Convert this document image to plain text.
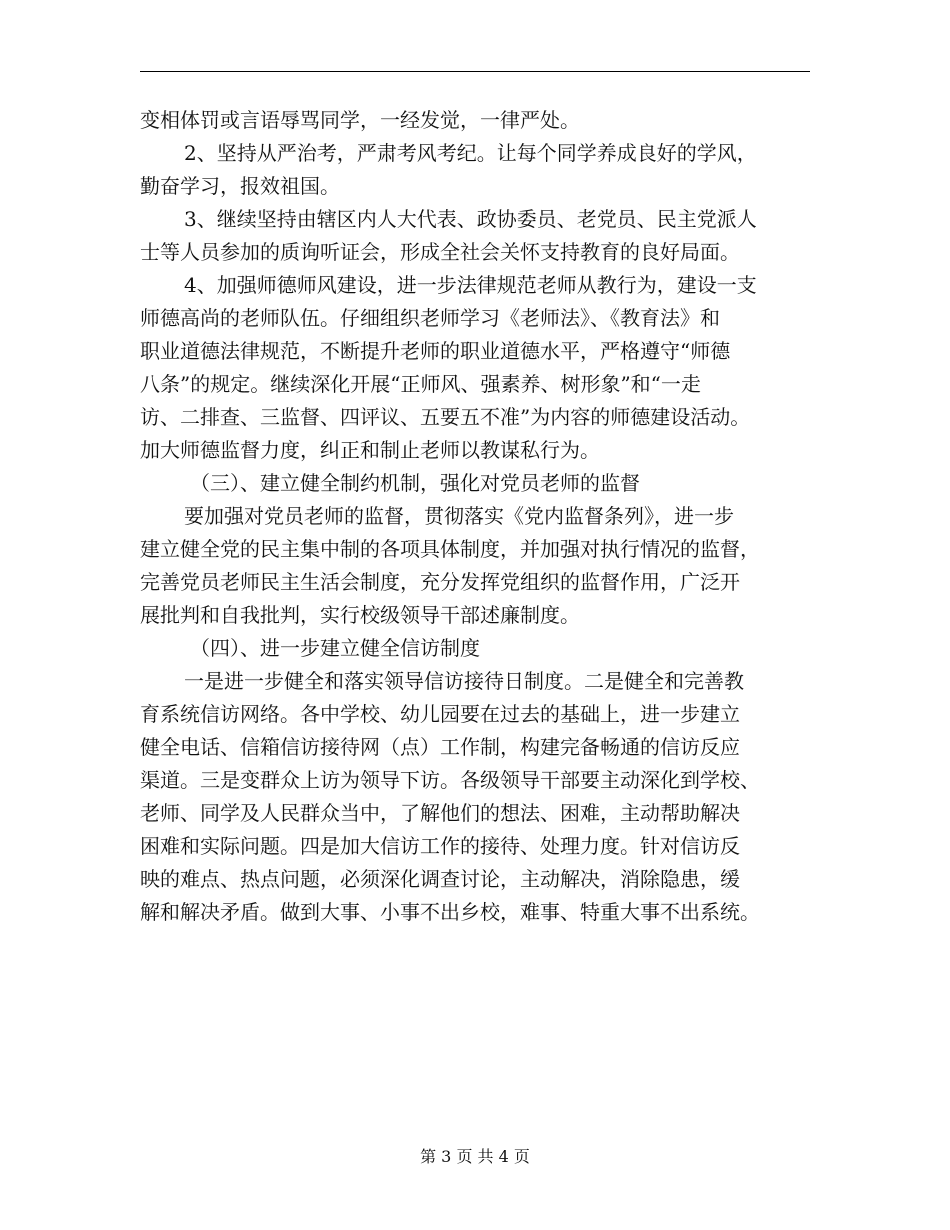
变相体罚或言语辱骂同学，一经发觉，一律严处。
2、坚持从严治考，严肃考风考纪。让每个同学养成良好的学风，
勤奋学习，报效祖国。
3、继续坚持由辖区内人大代表、政协委员、老党员、民主党派人
士等人员参加的质询听证会，形成全社会关怀支持教育的良好局面。
4、加强师德师风建设，进一步法律规范老师从教行为，建设一支
师德高尚的老师队伍。仔细组织老师学习《老师法》、《教育法》和
职业道德法律规范，不断提升老师的职业道德水平，严格遵守“师德
八条”的规定。继续深化开展“正师风、强素养、树形象”和“一走
访、二排查、三监督、四评议、五要五不准”为内容的师德建设活动。
加大师德监督力度，纠正和制止老师以教谋私行为。
（三）、建立健全制约机制，强化对党员老师的监督
要加强对党员老师的监督，贯彻落实《党内监督条列》，进一步
建立健全党的民主集中制的各项具体制度，并加强对执行情况的监督，
完善党员老师民主生活会制度，充分发挥党组织的监督作用，广泛开
展批判和自我批判，实行校级领导干部述廉制度。
（四）、进一步建立健全信访制度
一是进一步健全和落实领导信访接待日制度。二是健全和完善教
育系统信访网络。各中学校、幼儿园要在过去的基础上，进一步建立
健全电话、信箱信访接待网（点）工作制，构建完备畅通的信访反应
渠道。三是变群众上访为领导下访。各级领导干部要主动深化到学校、
老师、同学及人民群众当中，了解他们的想法、困难，主动帮助解决
困难和实际问题。四是加大信访工作的接待、处理力度。针对信访反
映的难点、热点问题，必须深化调查讨论，主动解决，消除隐患，缓
解和解决矛盾。做到大事、小事不出乡校，难事、特重大事不出系统。
第 3 页 共 4 页
